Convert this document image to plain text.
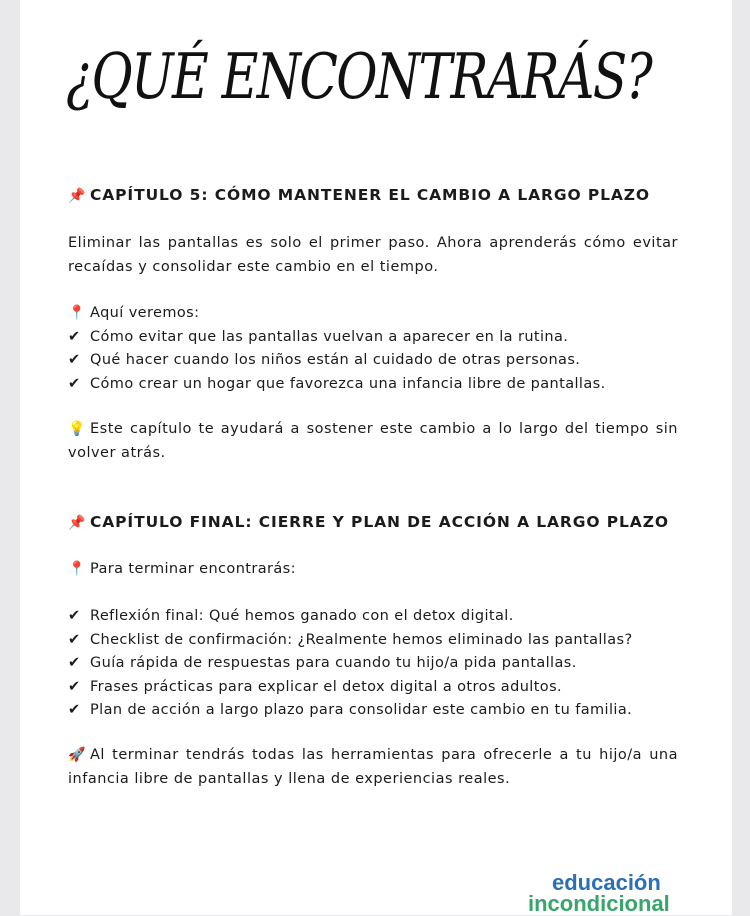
¿QUÉ ENCONTRARÁS?
📌 CAPÍTULO 5: CÓMO MANTENER EL CAMBIO A LARGO PLAZO
Eliminar las pantallas es solo el primer paso. Ahora aprenderás cómo evitar recaídas y consolidar este cambio en el tiempo.
📍 Aquí veremos:
✔ Cómo evitar que las pantallas vuelvan a aparecer en la rutina.
✔ Qué hacer cuando los niños están al cuidado de otras personas.
✔ Cómo crear un hogar que favorezca una infancia libre de pantallas.
💡 Este capítulo te ayudará a sostener este cambio a lo largo del tiempo sin volver atrás.
📌 CAPÍTULO FINAL: CIERRE Y PLAN DE ACCIÓN A LARGO PLAZO
📍 Para terminar encontrarás:
✔ Reflexión final: Qué hemos ganado con el detox digital.
✔ Checklist de confirmación: ¿Realmente hemos eliminado las pantallas?
✔ Guía rápida de respuestas para cuando tu hijo/a pida pantallas.
✔ Frases prácticas para explicar el detox digital a otros adultos.
✔ Plan de acción a largo plazo para consolidar este cambio en tu familia.
🚀 Al terminar tendrás todas las herramientas para ofrecerle a tu hijo/a una infancia libre de pantallas y llena de experiencias reales.
educación
incondicional
